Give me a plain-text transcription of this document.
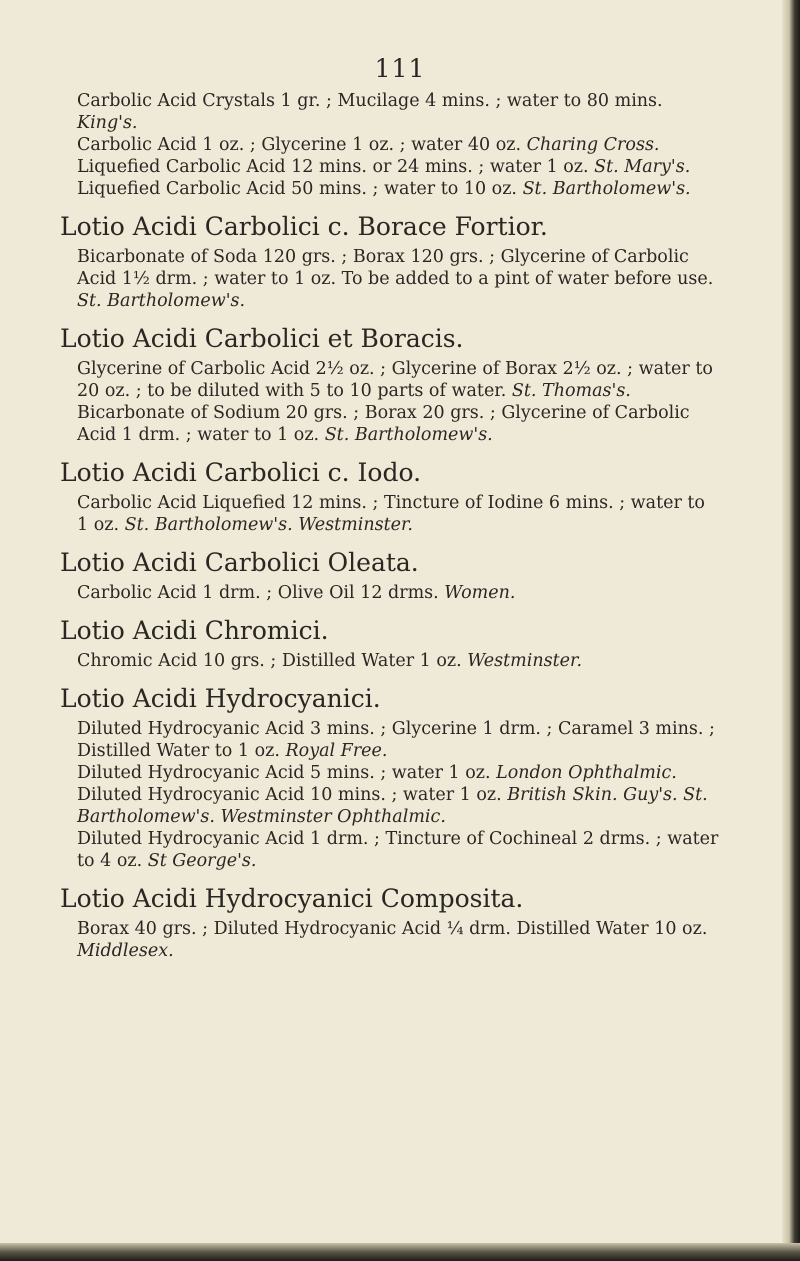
111

Carbolic Acid Crystals 1 gr. ; Mucilage 4 mins. ; water to 80 mins. King's.

Carbolic Acid 1 oz. ; Glycerine 1 oz. ; water 40 oz. Charing Cross.

Liquefied Carbolic Acid 12 mins. or 24 mins. ; water 1 oz. St. Mary's.

Liquefied Carbolic Acid 50 mins. ; water to 10 oz. St. Bartholomew's.

Lotio Acidi Carbolici c. Borace Fortior.

Bicarbonate of Soda 120 grs. ; Borax 120 grs. ; Glycerine of Carbolic Acid 1½ drm. ; water to 1 oz. To be added to a pint of water before use. St. Bartholomew's.

Lotio Acidi Carbolici et Boracis.

Glycerine of Carbolic Acid 2½ oz. ; Glycerine of Borax 2½ oz. ; water to 20 oz. ; to be diluted with 5 to 10 parts of water. St. Thomas's.

Bicarbonate of Sodium 20 grs. ; Borax 20 grs. ; Glycerine of Carbolic Acid 1 drm. ; water to 1 oz. St. Bartholomew's.

Lotio Acidi Carbolici c. Iodo.

Carbolic Acid Liquefied 12 mins. ; Tincture of Iodine 6 mins. ; water to 1 oz. St. Bartholomew's. Westminster.

Lotio Acidi Carbolici Oleata.

Carbolic Acid 1 drm. ; Olive Oil 12 drms. Women.

Lotio Acidi Chromici.

Chromic Acid 10 grs. ; Distilled Water 1 oz. Westminster.

Lotio Acidi Hydrocyanici.

Diluted Hydrocyanic Acid 3 mins. ; Glycerine 1 drm. ; Caramel 3 mins. ; Distilled Water to 1 oz. Royal Free.

Diluted Hydrocyanic Acid 5 mins. ; water 1 oz. London Ophthalmic.

Diluted Hydrocyanic Acid 10 mins. ; water 1 oz. British Skin. Guy's. St. Bartholomew's. Westminster Ophthalmic.

Diluted Hydrocyanic Acid 1 drm. ; Tincture of Cochineal 2 drms. ; water to 4 oz. St George's.

Lotio Acidi Hydrocyanici Composita.

Borax 40 grs. ; Diluted Hydrocyanic Acid ¼ drm. Distilled Water 10 oz. Middlesex.
